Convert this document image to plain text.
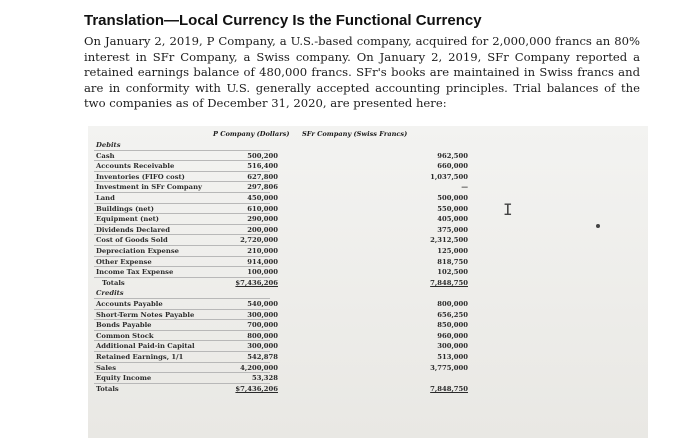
Translation—Local Currency Is the Functional Currency
On January 2, 2019, P Company, a U.S.-based company, acquired for 2,000,000 francs an 80% interest in SFr Company, a Swiss company. On January 2, 2019, SFr Company reported a retained earnings balance of 480,000 francs. SFr's books are maintained in Swiss francs and are in conformity with U.S. generally accepted accounting principles. Trial balances of the two companies as of December 31, 2020, are presented here:
P Company (Dollars) SFr Company (Swiss Francs)
Debits
Cash	500,200	962,500
Accounts Receivable	516,400	660,000
Inventories (FIFO cost)	627,800	1,037,500
Investment in SFr Company	297,806	—
Land	450,000	500,000
Buildings (net)	610,000	550,000
Equipment (net)	290,000	405,000
Dividends Declared	200,000	375,000
Cost of Goods Sold	2,720,000	2,312,500
Depreciation Expense	210,000	125,000
Other Expense	914,000	818,750
Income Tax Expense	100,000	102,500
Totals	$7,436,206	7,848,750
Credits
Accounts Payable	540,000	800,000
Short-Term Notes Payable	300,000	656,250
Bonds Payable	700,000	850,000
Common Stock	800,000	960,000
Additional Paid-in Capital	300,000	300,000
Retained Earnings, 1/1	542,878	513,000
Sales	4,200,000	3,775,000
Equity Income	53,328
Totals	$7,436,206	7,848,750
I
